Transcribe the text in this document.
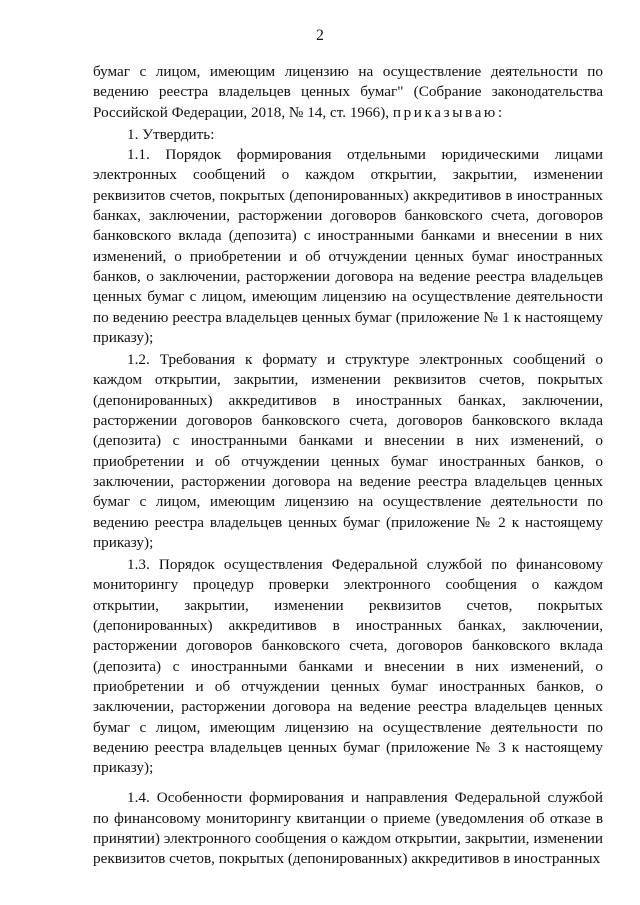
2

бумаг с лицом, имеющим лицензию на осуществление деятельности по ведению реестра владельцев ценных бумаг" (Собрание законодательства Российской Федерации, 2018, № 14, ст. 1966), приказываю:

1. Утвердить:

1.1. Порядок формирования отдельными юридическими лицами электронных сообщений о каждом открытии, закрытии, изменении реквизитов счетов, покрытых (депонированных) аккредитивов в иностранных банках, заключении, расторжении договоров банковского счета, договоров банковского вклада (депозита) с иностранными банками и внесении в них изменений, о приобретении и об отчуждении ценных бумаг иностранных банков, о заключении, расторжении договора на ведение реестра владельцев ценных бумаг с лицом, имеющим лицензию на осуществление деятельности по ведению реестра владельцев ценных бумаг (приложение № 1 к настоящему приказу);

1.2. Требования к формату и структуре электронных сообщений о каждом открытии, закрытии, изменении реквизитов счетов, покрытых (депонированных) аккредитивов в иностранных банках, заключении, расторжении договоров банковского счета, договоров банковского вклада (депозита) с иностранными банками и внесении в них изменений, о приобретении и об отчуждении ценных бумаг иностранных банков, о заключении, расторжении договора на ведение реестра владельцев ценных бумаг с лицом, имеющим лицензию на осуществление деятельности по ведению реестра владельцев ценных бумаг (приложение № 2 к настоящему приказу);

1.3. Порядок осуществления Федеральной службой по финансовому мониторингу процедур проверки электронного сообщения о каждом открытии, закрытии, изменении реквизитов счетов, покрытых (депонированных) аккредитивов в иностранных банках, заключении, расторжении договоров банковского счета, договоров банковского вклада (депозита) с иностранными банками и внесении в них изменений, о приобретении и об отчуждении ценных бумаг иностранных банков, о заключении, расторжении договора на ведение реестра владельцев ценных бумаг с лицом, имеющим лицензию на осуществление деятельности по ведению реестра владельцев ценных бумаг (приложение № 3 к настоящему приказу);

1.4. Особенности формирования и направления Федеральной службой по финансовому мониторингу квитанции о приеме (уведомления об отказе в принятии) электронного сообщения о каждом открытии, закрытии, изменении реквизитов счетов, покрытых (депонированных) аккредитивов в иностранных
